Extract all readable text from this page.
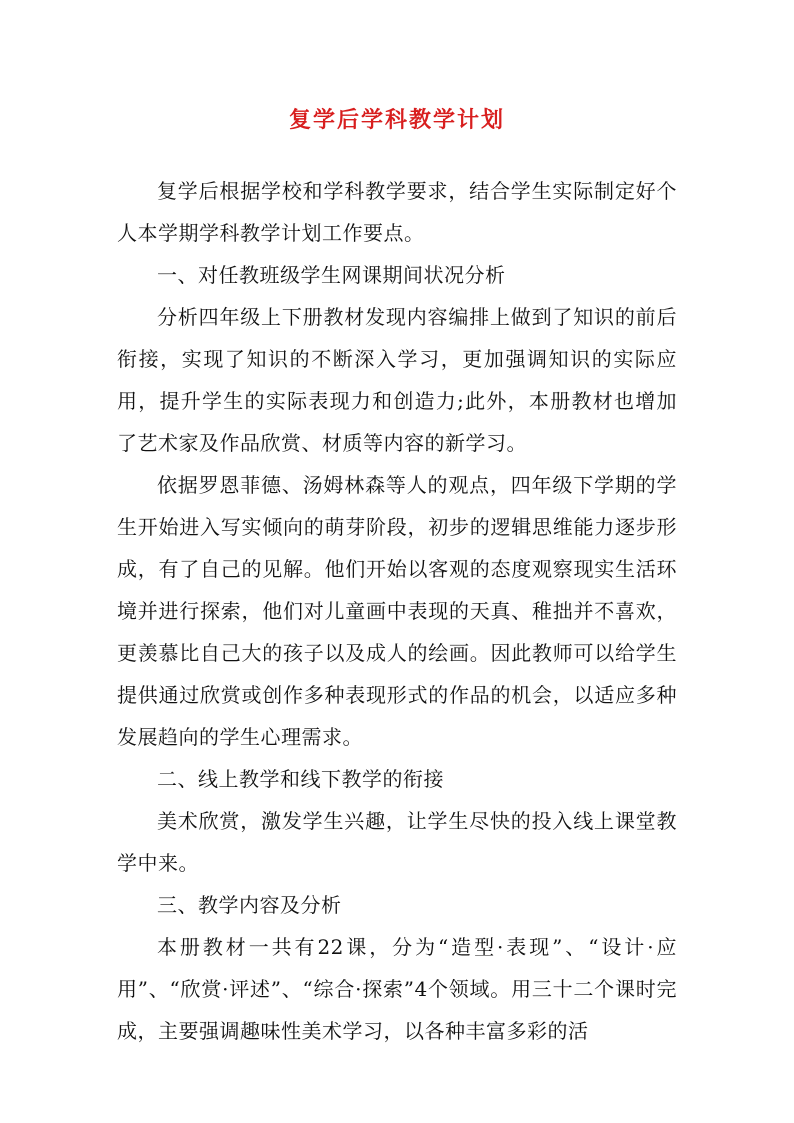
复学后学科教学计划

复学后根据学校和学科教学要求，结合学生实际制定好个人本学期学科教学计划工作要点。

一、对任教班级学生网课期间状况分析

分析四年级上下册教材发现内容编排上做到了知识的前后衔接，实现了知识的不断深入学习，更加强调知识的实际应用，提升学生的实际表现力和创造力;此外，本册教材也增加了艺术家及作品欣赏、材质等内容的新学习。

依据罗恩菲德、汤姆林森等人的观点，四年级下学期的学生开始进入写实倾向的萌芽阶段，初步的逻辑思维能力逐步形成，有了自己的见解。他们开始以客观的态度观察现实生活环境并进行探索，他们对儿童画中表现的天真、稚拙并不喜欢，更羡慕比自己大的孩子以及成人的绘画。因此教师可以给学生提供通过欣赏或创作多种表现形式的作品的机会，以适应多种发展趋向的学生心理需求。

二、线上教学和线下教学的衔接

美术欣赏，激发学生兴趣，让学生尽快的投入线上课堂教学中来。

三、教学内容及分析

本册教材一共有22课，分为“造型·表现”、“设计·应用”、“欣赏·评述”、“综合·探索”4个领域。用三十二个课时完成，主要强调趣味性美术学习，以各种丰富多彩的活
